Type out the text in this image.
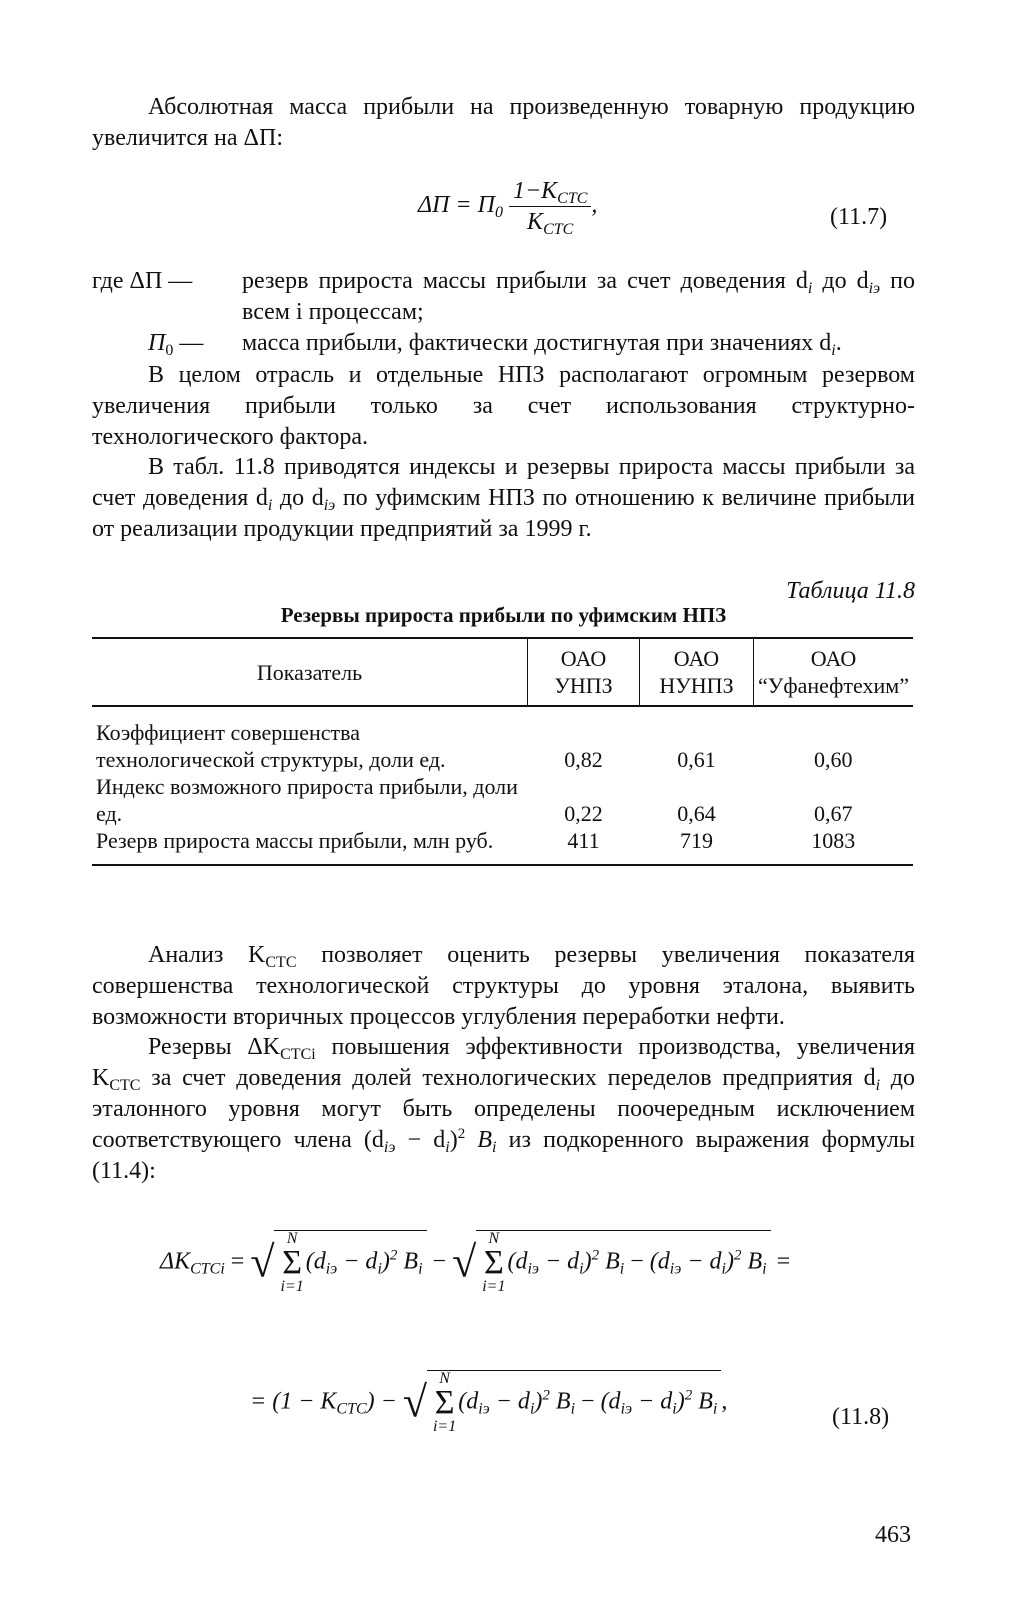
Абсолютная масса прибыли на произведенную товарную продукцию увеличится на ΔП:

$\Delta П = П_0 \frac{1-K_{СТС}}{K_{СТС}}$ ,	(11.7)
где ΔП —	резерв прироста массы прибыли за счет доведения $d_i$ до $d_{iэ}$ по всем i процессам;
$П_0$ —	масса прибыли, фактически достигнутая при значениях $d_i$.

В целом отрасль и отдельные НПЗ располагают огромным резервом увеличения прибыли только за счет использования структурно-технологического фактора.

В табл. 11.8 приводятся индексы и резервы прироста массы прибыли за счет доведения $d_i$ до $d_{iэ}$ по уфимским НПЗ по отношению к величине прибыли от реализации продукции предприятий за 1999 г.

Таблица 11.8
Резервы прироста прибыли по уфимским НПЗ
Показатель	ОАО УНПЗ	ОАО НУНПЗ	ОАО “Уфанефтехим”
Коэффициент совершенства технологической структуры, доли ед.	0,82	0,61	0,60
Индекс возможного прироста прибыли, доли ед.	0,22	0,64	0,67
Резерв прироста массы прибыли, млн руб.	411	719	1083

Анализ $K_{СТС}$ позволяет оценить резервы увеличения показателя совершенства технологической структуры до уровня эталона, выявить возможности вторичных процессов углубления переработки нефти.

Резервы $\Delta K_{СТСi}$ повышения эффективности производства, увеличения $K_{СТС}$ за счет доведения долей технологических переделов предприятия $d_i$ до эталонного уровня могут быть определены поочередным исключением соответствующего члена $(d_{iэ} - d_i)^2$ $B_i$ из подкоренного выражения формулы (11.4):

$\Delta K_{CTCi}$ = √ N
Σ
i=1
$(d_{iэ} - d_i)^2$ $B_i$ − √ N
Σ
i=1
$(d_{iэ} - d_i)^2$ $B_i - (d_{iэ} - d_i)^2$ $B_i$ =
= $(1 - K_{CTC})$ − √ N
Σ
i=1
$(d_{iэ} - d_i)^2$ $B_i - (d_{iэ} - d_i)^2$ $B_i$ ,
(11.8)
463
